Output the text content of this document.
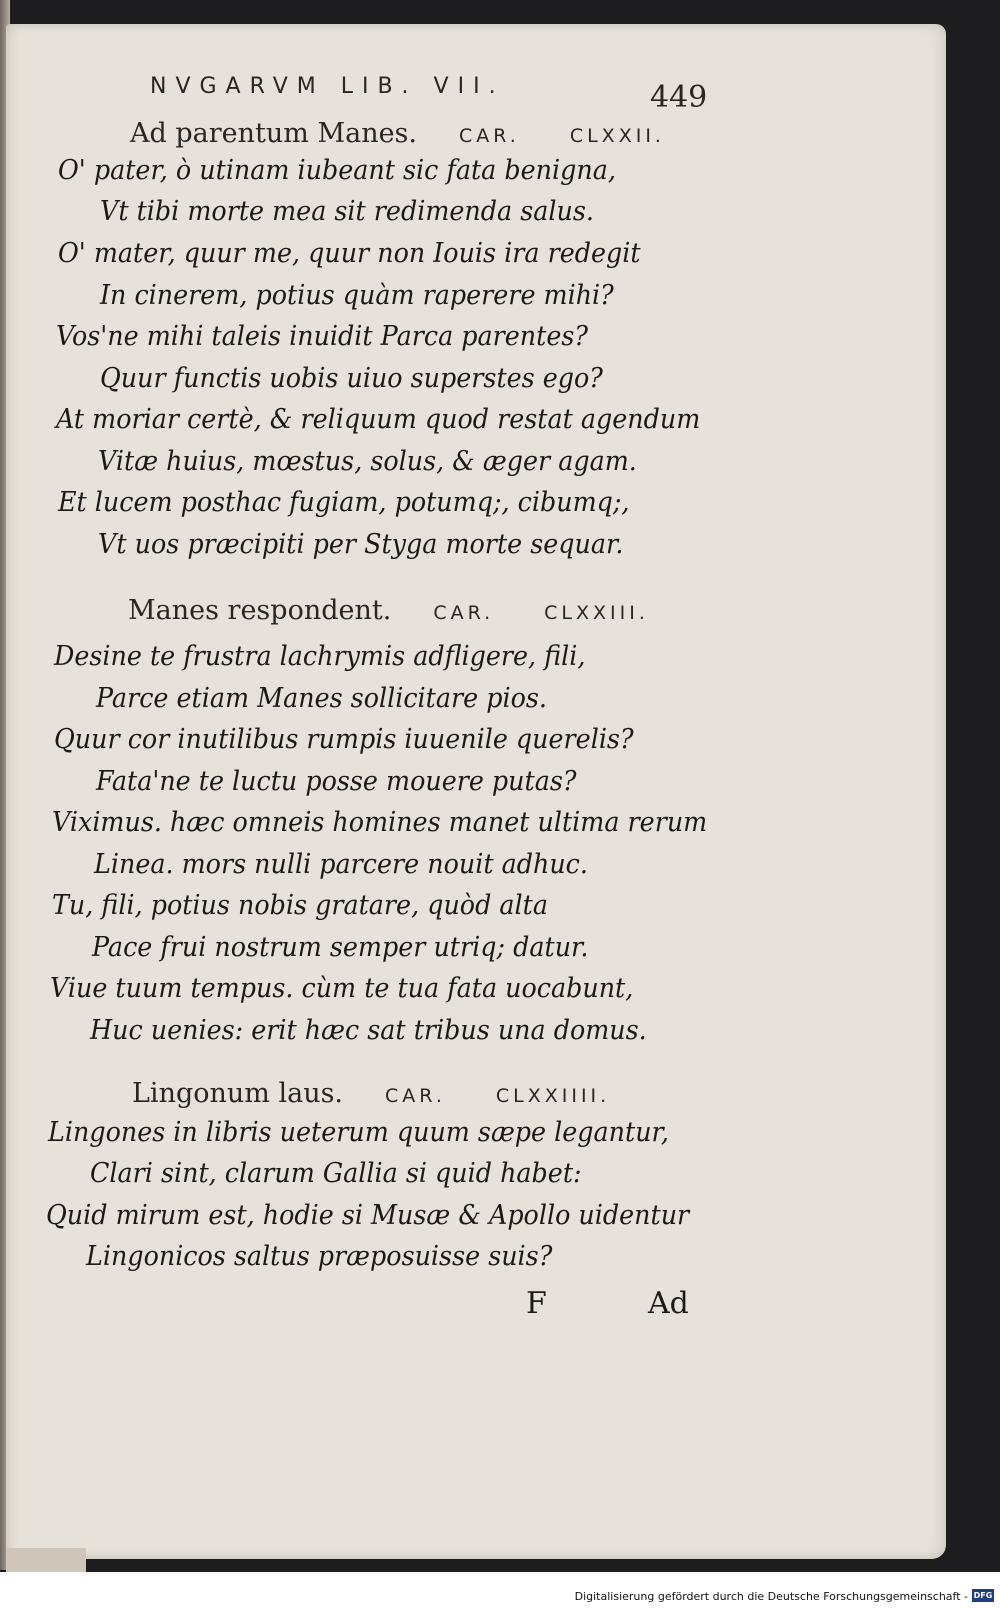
NVGARVM LIB. VII.	449
Ad parentum Manes. CAR.	CLXXII.
O' pater, ò utinam iubeant sic fata benigna,
Vt tibi morte mea sit redimenda salus.
O' mater, quur me, quur non Iouis ira redegit
In cinerem, potius quàm raperere mihi?
Vos'ne mihi taleis inuidit Parca parentes?
Quur functis uobis uiuo superstes ego?
At moriar certè, & reliquum quod restat agendum
Vitæ huius, mœstus, solus, & æger agam.
Et lucem posthac fugiam, potumq;, cibumq;,
Vt uos præcipiti per Styga morte sequar.
Manes respondent. CAR.	CLXXIII.
Desine te frustra lachrymis adfligere, fili,
Parce etiam Manes sollicitare pios.
Quur cor inutilibus rumpis iuuenile querelis?
Fata'ne te luctu posse mouere putas?
Viximus. hæc omneis homines manet ultima rerum
Linea. mors nulli parcere nouit adhuc.
Tu, fili, potius nobis gratare, quòd alta
Pace frui nostrum semper utriq; datur.
Viue tuum tempus. cùm te tua fata uocabunt,
Huc uenies: erit hæc sat tribus una domus.
Lingonum laus. CAR.	CLXXIIII.
Lingones in libris ueterum quum sæpe legantur,
Clari sint, clarum Gallia si quid habet:
Quid mirum est, hodie si Musæ & Apollo uidentur
Lingonicos saltus præposuisse suis?
F	Ad
Digitalisierung gefördert durch die Deutsche Forschungsgemeinschaft - DFG
